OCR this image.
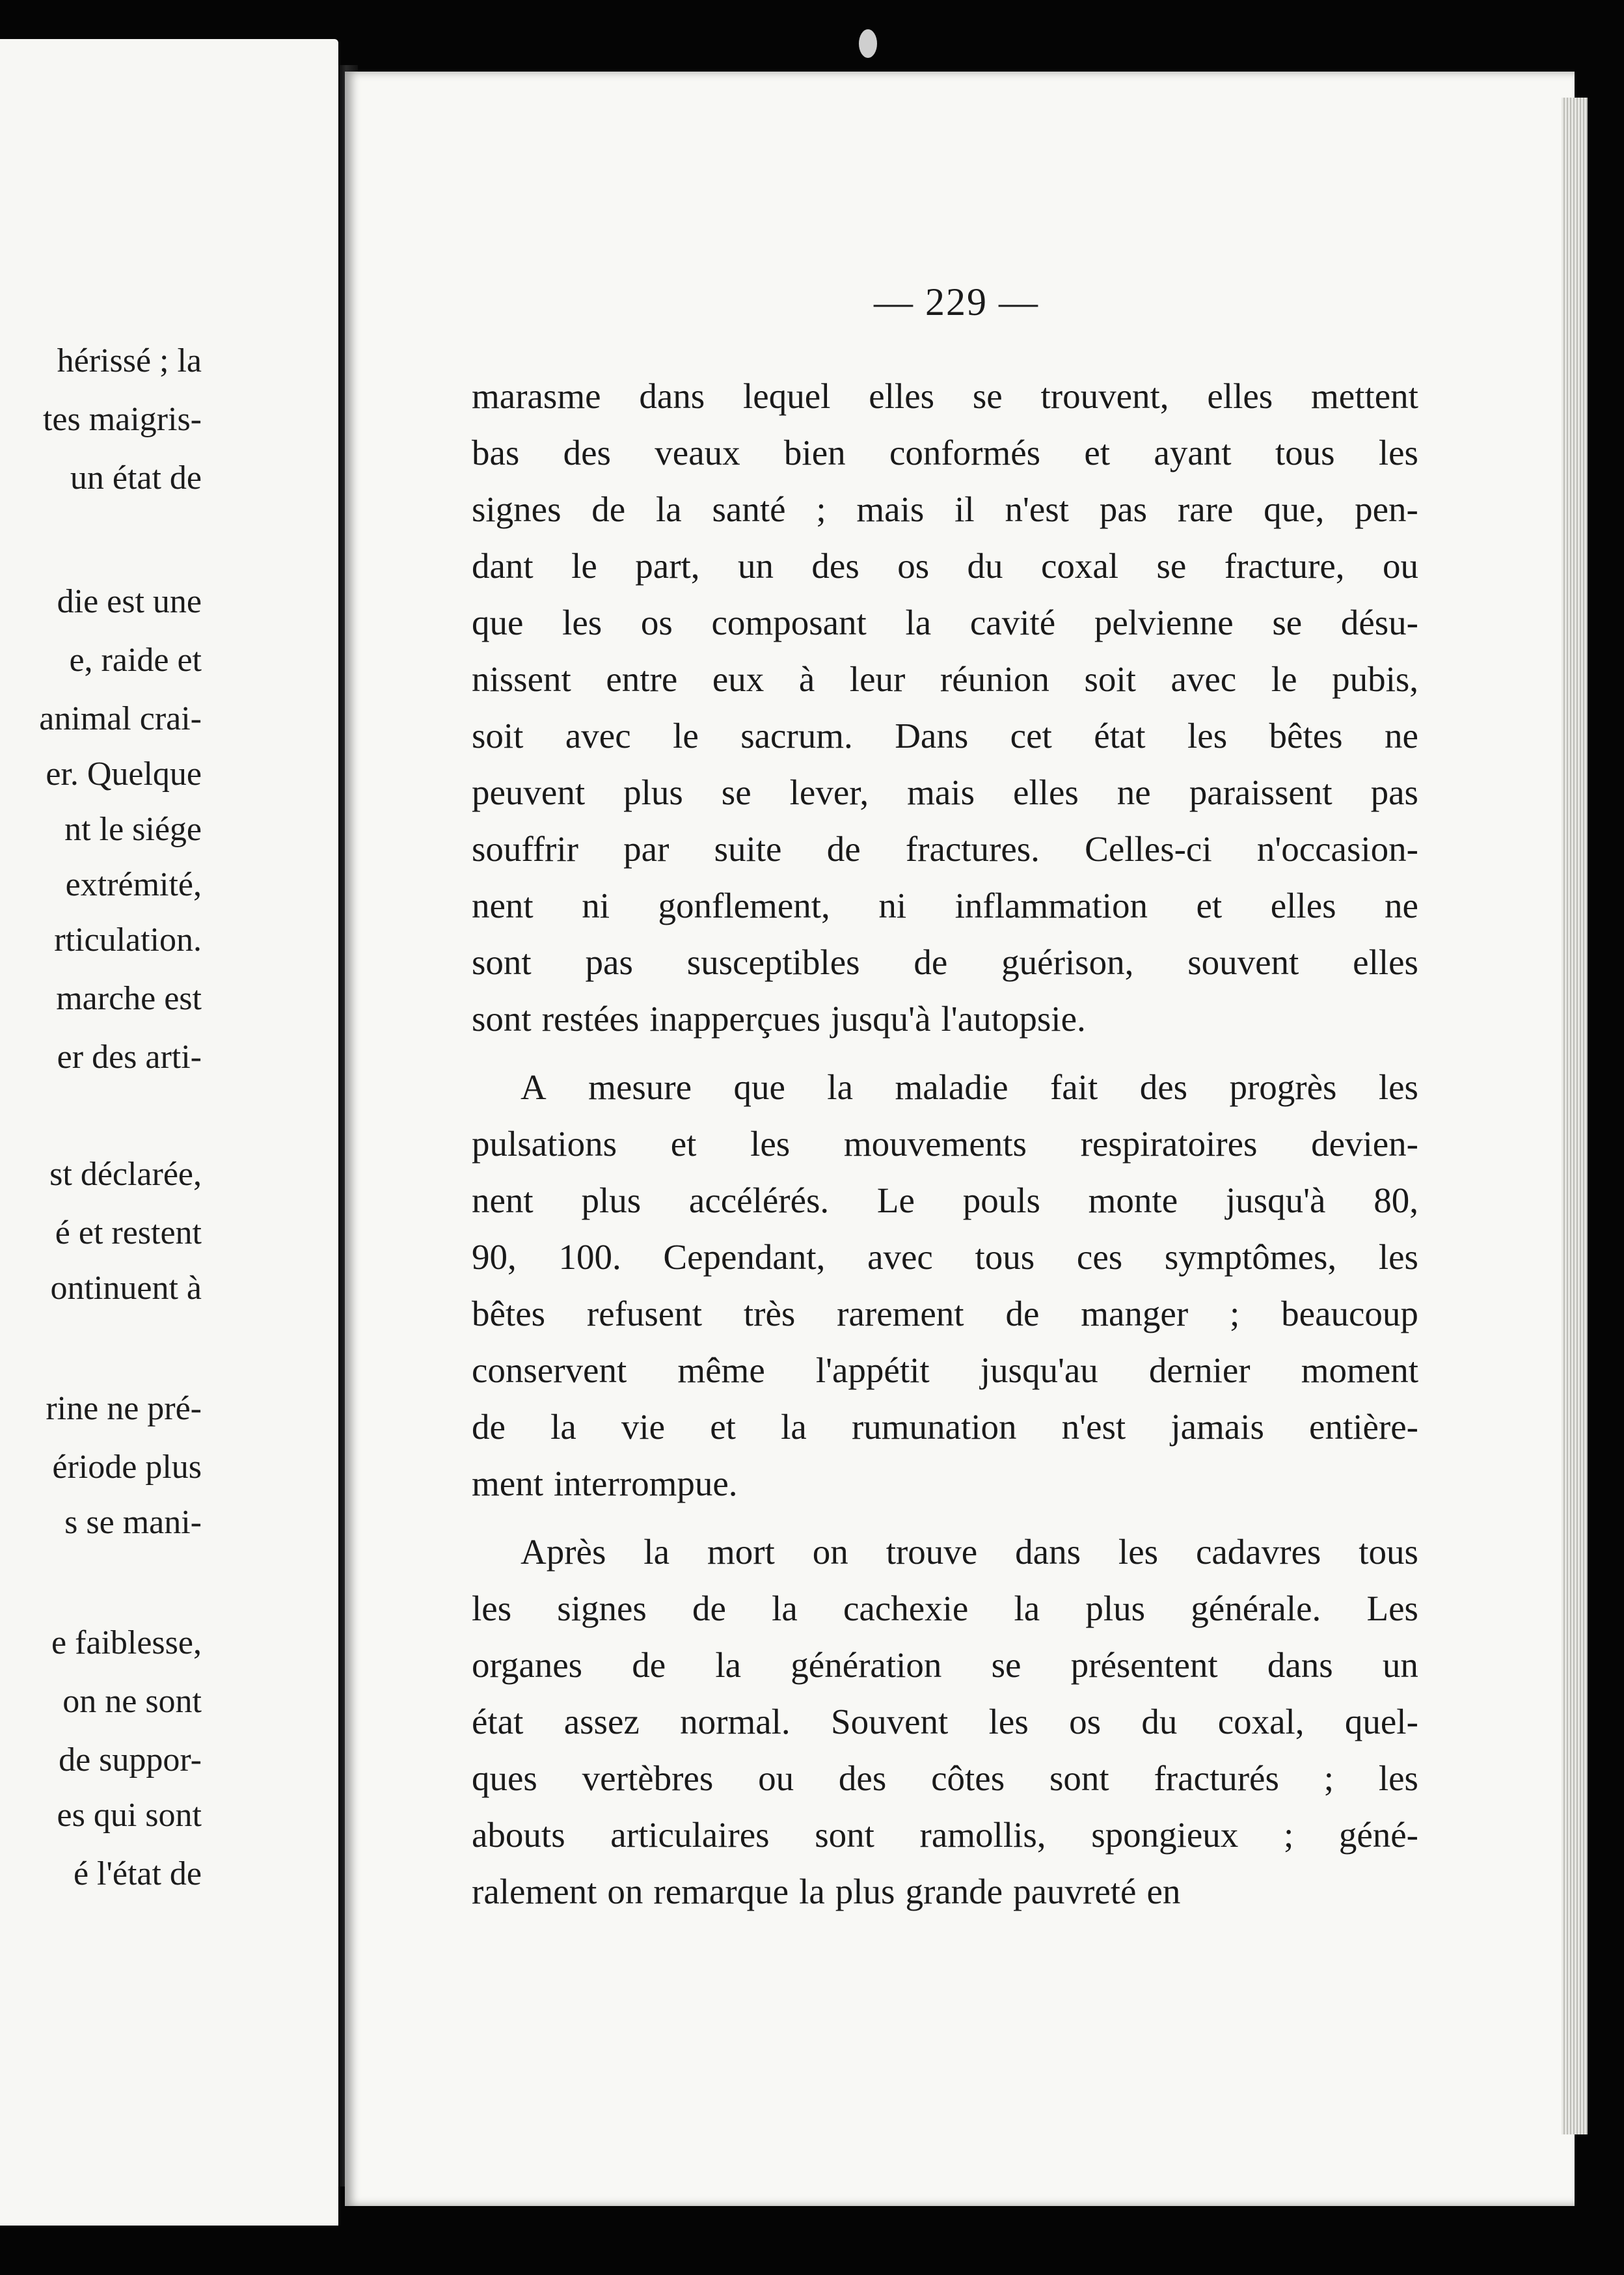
hérissé ; la
tes maigris-
un état de
die est une
e, raide et
animal crai-
er. Quelque
nt le siége
extrémité,
rticulation.
marche est
er des arti-
st déclarée,
é et restent
ontinuent à
rine ne pré-
ériode plus
s se mani-
e faiblesse,
on ne sont
de suppor-
es qui sont
é l'état de
— 229 —
marasme dans lequel elles se trouvent, elles mettent
bas des veaux bien conformés et ayant tous les
signes de la santé ; mais il n'est pas rare que, pen-
dant le part, un des os du coxal se fracture, ou
que les os composant la cavité pelvienne se désu-
nissent entre eux à leur réunion soit avec le pubis,
soit avec le sacrum. Dans cet état les bêtes ne
peuvent plus se lever, mais elles ne paraissent pas
souffrir par suite de fractures. Celles-ci n'occasion-
nent ni gonflement, ni inflammation et elles ne
sont pas susceptibles de guérison, souvent elles
sont restées inapperçues jusqu'à l'autopsie.
A mesure que la maladie fait des progrès les
pulsations et les mouvements respiratoires devien-
nent plus accélérés. Le pouls monte jusqu'à 80,
90, 100. Cependant, avec tous ces symptômes, les
bêtes refusent très rarement de manger ; beaucoup
conservent même l'appétit jusqu'au dernier moment
de la vie et la rumunation n'est jamais entière-
ment interrompue.
Après la mort on trouve dans les cadavres tous
les signes de la cachexie la plus générale. Les
organes de la génération se présentent dans un
état assez normal. Souvent les os du coxal, quel-
ques vertèbres ou des côtes sont fracturés ; les
abouts articulaires sont ramollis, spongieux ; géné-
ralement on remarque la plus grande pauvreté en
